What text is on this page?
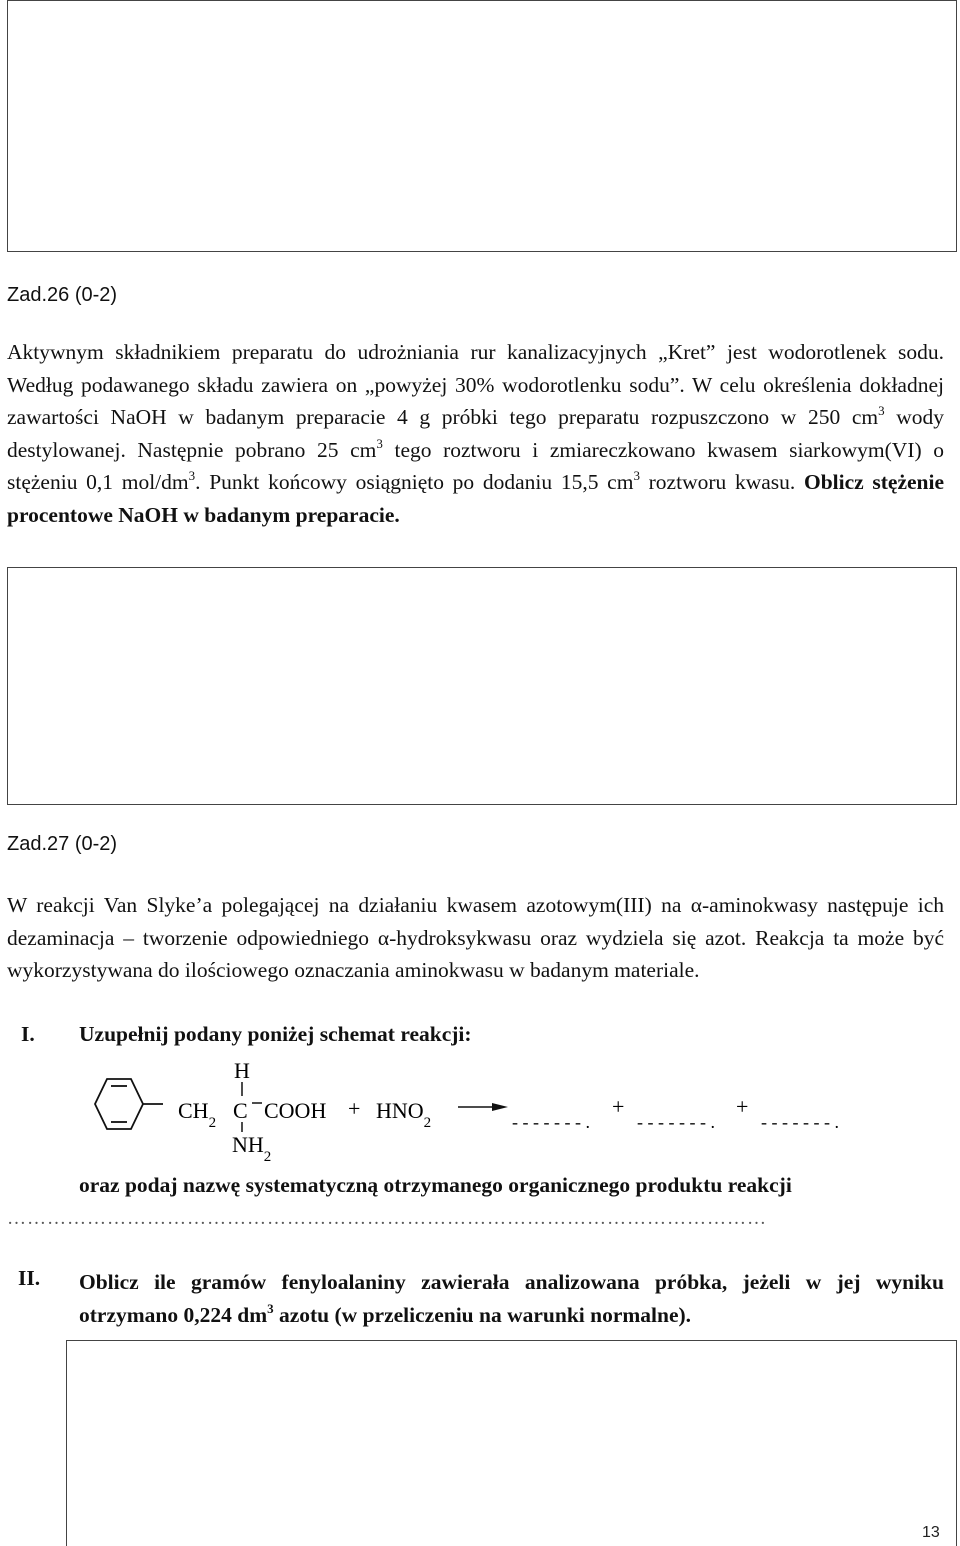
Zad.26 (0-2)

Aktywnym składnikiem preparatu do udrożniania rur kanalizacyjnych „Kret” jest wodorotlenek sodu. Według podawanego składu zawiera on „powyżej 30% wodorotlenku sodu”. W celu określenia dokładnej zawartości NaOH w badanym preparacie 4 g próbki tego preparatu rozpuszczono w 250 $cm^3$ wody destylowanej. Następnie pobrano 25 $cm^3$ tego roztworu i zmiareczkowano kwasem siarkowym(VI) o stężeniu 0,1 mol/$dm^3$. Punkt końcowy osiągnięto po dodaniu 15,5 $cm^3$ roztworu kwasu. Oblicz stężenie procentowe NaOH w badanym preparacie.

Zad.27 (0-2)

W reakcji Van Slyke’a polegającej na działaniu kwasem azotowym(III) na α-aminokwasy następuje ich dezaminacja – tworzenie odpowiedniego α-hydroksykwasu oraz wydziela się azot. Reakcja ta może być wykorzystywana do ilościowego oznaczania aminokwasu w badanym materiale.

I. Uzupełnij podany poniżej schemat reakcji:
H
$CH_2$ C COOH + $HNO_2$
$NH_2$
- - - - - - - .
+
- - - - - - - .
+
- - - - - - - .
oraz podaj nazwę systematyczną otrzymanego organicznego produktu reakcji
……………………………………………………………………………………………………
II. Oblicz ile gramów fenyloalaniny zawierała analizowana próbka, jeżeli w jej wyniku otrzymano 0,224 $dm^3$ azotu (w przeliczeniu na warunki normalne).

13
